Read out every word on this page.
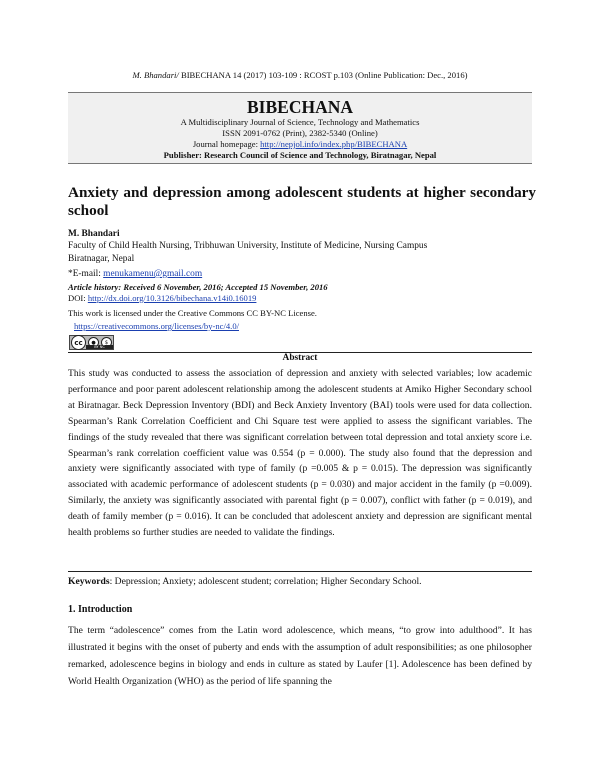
M. Bhandari/ BIBECHANA 14 (2017) 103-109 : RCOST p.103 (Online Publication: Dec., 2016)
BIBECHANA
A Multidisciplinary Journal of Science, Technology and Mathematics
ISSN 2091-0762 (Print), 2382-5340 (Online)
Journal homepage: http://nepjol.info/index.php/BIBECHANA
Publisher: Research Council of Science and Technology, Biratnagar, Nepal
Anxiety and depression among adolescent students at higher secondary school
M. Bhandari
Faculty of Child Health Nursing, Tribhuwan University, Institute of Medicine, Nursing Campus
Biratnagar, Nepal
*E-mail: menukamenu@gmail.com
Article history: Received 6 November, 2016; Accepted 15 November, 2016
DOI: http://dx.doi.org/10.3126/bibechana.v14i0.16019
This work is licensed under the Creative Commons CC BY-NC License.
https://creativecommons.org/licenses/by-nc/4.0/
cc	●	$
BY NC
Abstract
This study was conducted to assess the association of depression and anxiety with selected variables; low academic performance and poor parent adolescent relationship among the adolescent students at Amiko Higher Secondary school at Biratnagar. Beck Depression Inventory (BDI) and Beck Anxiety Inventory (BAI) tools were used for data collection. Spearman’s Rank Correlation Coefficient and Chi Square test were applied to assess the significant variables. The findings of the study revealed that there was significant correlation between total depression and total anxiety score i.e. Spearman’s rank correlation coefficient value was 0.554 (p = 0.000). The study also found that the depression and anxiety were significantly associated with type of family (p =0.005 & p = 0.015). The depression was significantly associated with academic performance of adolescent students (p = 0.030) and major accident in the family (p =0.009). Similarly, the anxiety was significantly associated with parental fight (p = 0.007), conflict with father (p = 0.019), and death of family member (p = 0.016). It can be concluded that adolescent anxiety and depression are significant mental health problems so further studies are needed to validate the findings.
Keywords: Depression; Anxiety; adolescent student; correlation; Higher Secondary School.
1. Introduction
The term “adolescence” comes from the Latin word adolescence, which means, “to grow into adulthood”. It has illustrated it begins with the onset of puberty and ends with the assumption of adult responsibilities; as one philosopher remarked, adolescence begins in biology and ends in culture as stated by Laufer [1]. Adolescence has been defined by World Health Organization (WHO) as the period of life spanning the
